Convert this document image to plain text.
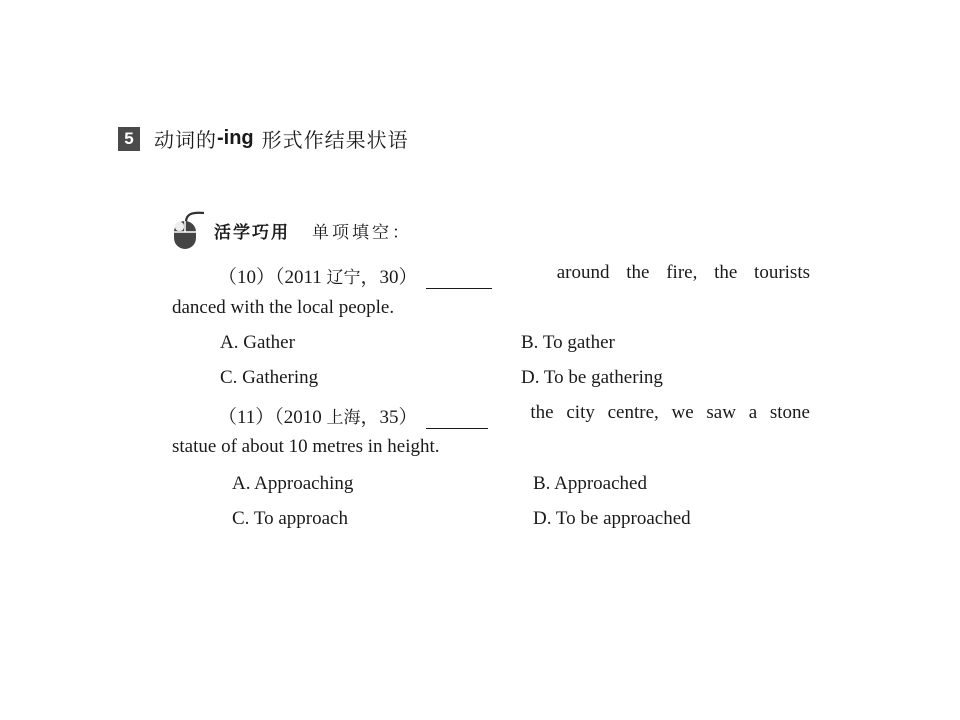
5	动词的 -ing 形式作结果状语
活学巧用 单项填空：
（10）（2011 辽宁，30）	around the fire, the tourists
danced with the local people.
A. Gather	B. To gather
C. Gathering	D. To be gathering
（11）（2010 上海，35）	the city centre, we saw a stone
statue of about 10 metres in height.
A. Approaching	B. Approached
C. To approach	D. To be approached
